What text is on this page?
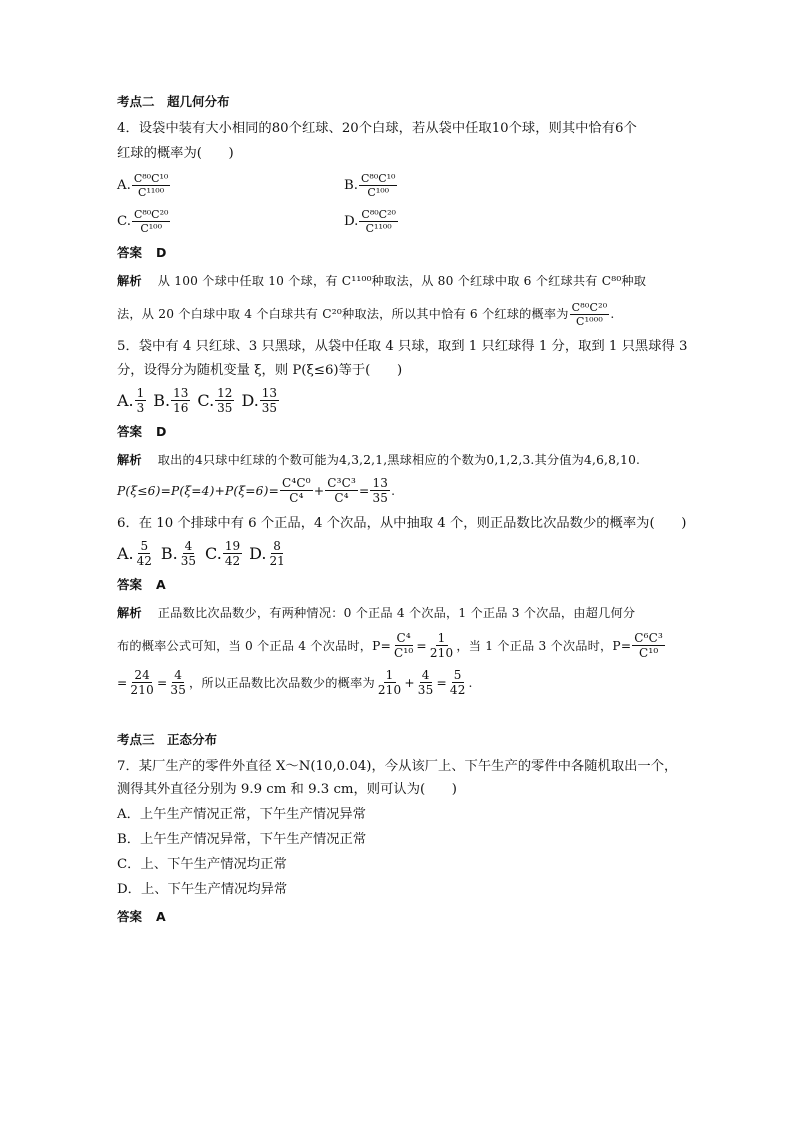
考点二　超几何分布
4．设袋中装有大小相同的80个红球、20个白球，若从袋中任取10个球，则其中恰有6个
红球的概率为(　　)
A. $\frac{\text{C⁸⁰C¹⁰}}{\text{C¹¹⁰⁰}}$	B. $\frac{\text{C⁸⁰C¹⁰}}{\text{C¹⁰⁰}}$
C. $\frac{\text{C⁸⁰C²⁰}}{\text{C¹⁰⁰}}$	D. $\frac{\text{C⁸⁰C²⁰}}{\text{C¹¹⁰⁰}}$
答案 D
解析 从 100 个球中任取 10 个球，有 C¹¹⁰⁰种取法，从 80 个红球中取 6 个红球共有 C⁸⁰种取
法，从 20 个白球中取 4 个白球共有 C²⁰种取法，所以其中恰有 6 个红球的概率为 $\frac{\text{C⁸⁰C²⁰}}{\text{C¹⁰⁰⁰}}$ .
5．袋中有 4 只红球、3 只黑球，从袋中任取 4 只球，取到 1 只红球得 1 分，取到 1 只黑球得 3
分，设得分为随机变量 ξ，则 P(ξ≤6)等于(　　)
A. $\frac{1}{3} B$. $\frac{13}{16} C$. $\frac{12}{35} D$. $\frac{13}{35}$
答案 D
解析 取出的4只球中红球的个数可能为4,3,2,1,黑球相应的个数为0,1,2,3.其分值为4,6,8,10.
$P(\xi\le 6)=P(\xi=4)+P(\xi=6)= \frac{\text{C⁴C⁰}}{\text{C⁴}} + \frac{\text{C³C³}}{\text{C⁴}} = \frac{13}{35}$ .
6．在 10 个排球中有 6 个正品，4 个次品，从中抽取 4 个，则正品数比次品数少的概率为(　　)
A. $\frac{5}{42} B$. $\frac{4}{35} C$. $\frac{19}{42} D$. $\frac{8}{21}$
答案 A
解析 正品数比次品数少，有两种情况：0 个正品 4 个次品，1 个正品 3 个次品，由超几何分
布的概率公式可知，当 0 个正品 4 个次品时，$P= \frac{\text{C⁴}}{\text{C¹⁰}} = \frac{1}{210}$ ，当 1 个正品 3 个次品时，$P= \frac{\text{C⁶C³}}{\text{C¹⁰}}$
= $\frac{24}{210} = \frac{4}{35}$ ，所以正品数比次品数少的概率为 $\frac{1}{210} + \frac{4}{35} = \frac{5}{42}$ .
考点三　正态分布
7．某厂生产的零件外直径 X～N(10,0.04)，今从该厂上、下午生产的零件中各随机取出一个，
测得其外直径分别为 9.9 cm 和 9.3 cm，则可认为(　　)
A．上午生产情况正常，下午生产情况异常
B．上午生产情况异常，下午生产情况正常
C．上、下午生产情况均正常
D．上、下午生产情况均异常
答案 A
